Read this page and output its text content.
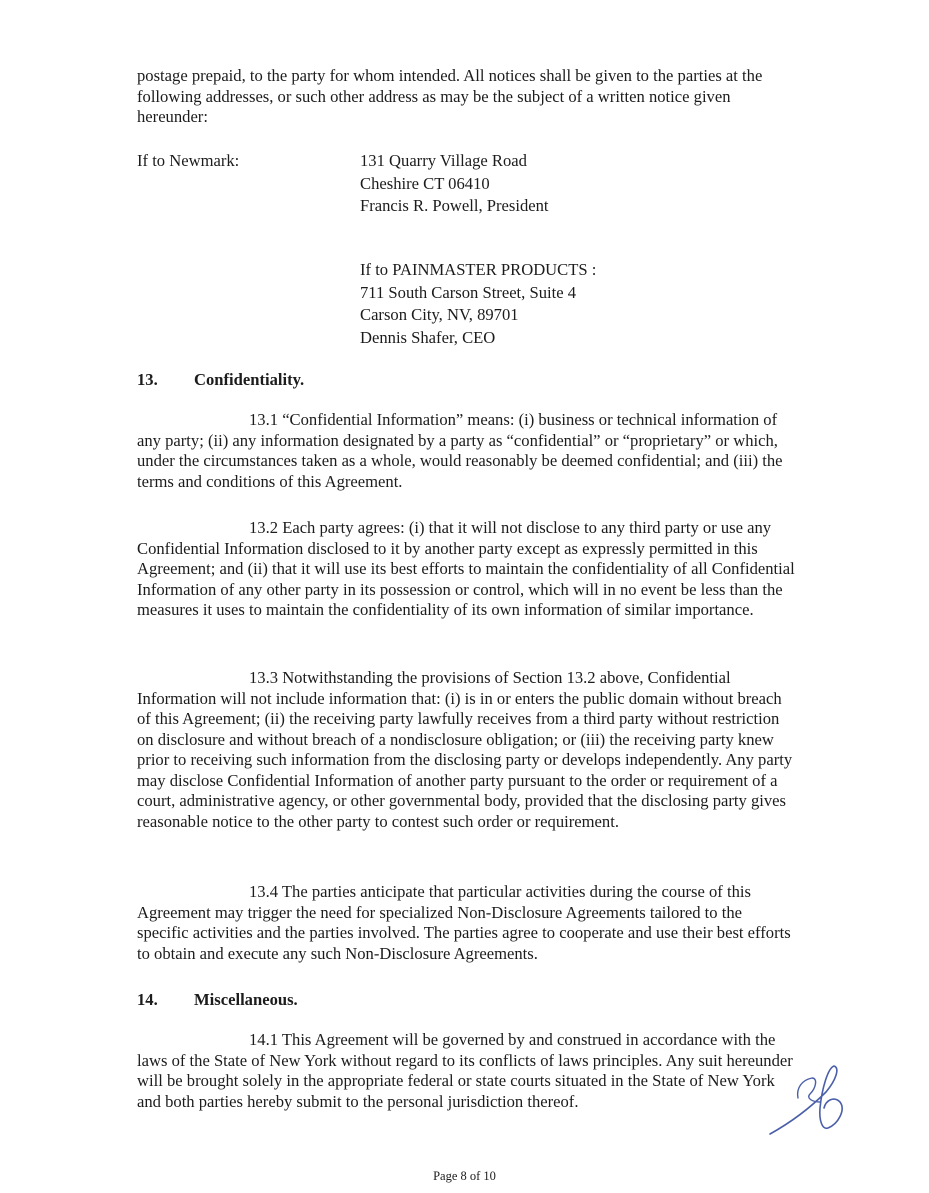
postage prepaid, to the party for whom intended. All notices shall be given to the parties at the following addresses, or such other address as may be the subject of a written notice given hereunder:

If to Newmark:	131 Quarry Village Road
Cheshire CT 06410
Francis R. Powell, President
If to PAINMASTER PRODUCTS :
711 South Carson Street, Suite 4
Carson City, NV, 89701
Dennis Shafer, CEO
13. Confidentiality.

13.1 “Confidential Information” means: (i) business or technical information of any party; (ii) any information designated by a party as “confidential” or “proprietary” or which, under the circumstances taken as a whole, would reasonably be deemed confidential; and (iii) the terms and conditions of this Agreement.

13.2 Each party agrees: (i) that it will not disclose to any third party or use any Confidential Information disclosed to it by another party except as expressly permitted in this Agreement; and (ii) that it will use its best efforts to maintain the confidentiality of all Confidential Information of any other party in its possession or control, which will in no event be less than the measures it uses to maintain the confidentiality of its own information of similar importance.

13.3 Notwithstanding the provisions of Section 13.2 above, Confidential Information will not include information that: (i) is in or enters the public domain without breach of this Agreement; (ii) the receiving party lawfully receives from a third party without restriction on disclosure and without breach of a nondisclosure obligation; or (iii) the receiving party knew prior to receiving such information from the disclosing party or develops independently. Any party may disclose Confidential Information of another party pursuant to the order or requirement of a court, administrative agency, or other governmental body, provided that the disclosing party gives reasonable notice to the other party to contest such order or requirement.

13.4 The parties anticipate that particular activities during the course of this Agreement may trigger the need for specialized Non-Disclosure Agreements tailored to the specific activities and the parties involved. The parties agree to cooperate and use their best efforts to obtain and execute any such Non-Disclosure Agreements.

14. Miscellaneous.

14.1 This Agreement will be governed by and construed in accordance with the laws of the State of New York without regard to its conflicts of laws principles. Any suit hereunder will be brought solely in the appropriate federal or state courts situated in the State of New York and both parties hereby submit to the personal jurisdiction thereof.

Page 8 of 10
